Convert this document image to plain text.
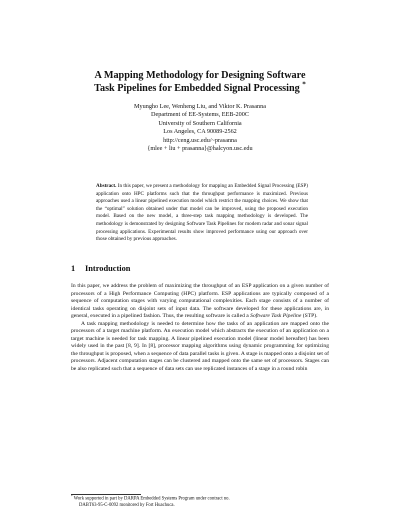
A Mapping Methodology for Designing Software
Task Pipelines for Embedded Signal Processing *
Myungho Lee, Wenheng Liu, and Viktor K. Prasanna
Department of EE-Systems, EEB-200C
University of Southern California
Los Angeles, CA 90089-2562
http://ceng.usc.edu/~prasanna
{mlee + liu + prasanna}@halcyon.usc.edu
Abstract. In this paper, we present a methodology for mapping an Embedded Signal Processing (ESP) application onto HPC platforms such that the throughput performance is maximized. Previous approaches used a linear pipelined execution model which restrict the mapping choices. We show that the “optimal” solution obtained under that model can be improved, using the proposed execution model. Based on the new model, a three-step task mapping methodology is developed. The methodology is demonstrated by designing Software Task Pipelines for modern radar and sonar signal processing applications. Experimental results show improved performance using our approach over those obtained by previous approaches.
1 Introduction

In this paper, we address the problem of maximizing the throughput of an ESP application on a given number of processors of a High Performance Computing (HPC) platform. ESP applications are typically composed of a sequence of computation stages with varying computational complexities. Each stage consists of a number of identical tasks operating on disjoint sets of input data. The software developed for these applications are, in general, executed in a pipelined fashion. Thus, the resulting software is called a Software Task Pipeline (STP).

A task mapping methodology is needed to determine how the tasks of an application are mapped onto the processors of a target machine platform. An execution model which abstracts the execution of an application on a target machine is needed for task mapping. A linear pipelined execution model (linear model hereafter) has been widely used in the past [8, 9]. In [8], processor mapping algorithms using dynamic programming for optimizing the throughput is proposed, when a sequence of data parallel tasks is given. A stage is mapped onto a disjoint set of processors. Adjacent computation stages can be clustered and mapped onto the same set of processors. Stages can be also replicated such that a sequence of data sets can use replicated instances of a stage in a round robin

* Work supported in part by DARPA Embedded Systems Program under contract no.
DABT63-95-C-0092 monitored by Fort Huachuca.
